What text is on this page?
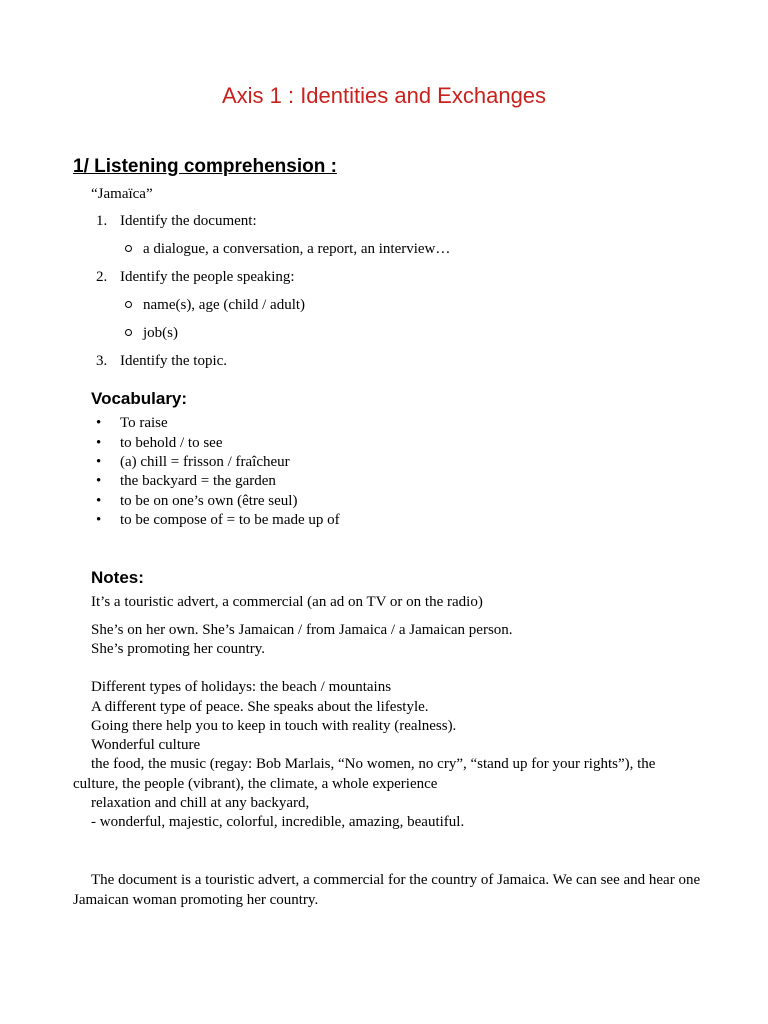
Axis 1 : Identities and Exchanges
1/ Listening comprehension :
“Jamaïca”
1. Identify the document:
a dialogue, a conversation, a report, an interview…
2. Identify the people speaking:
name(s), age (child / adult)
job(s)
3. Identify the topic.
Vocabulary:
• To raise
• to behold / to see
• (a) chill = frisson / fraîcheur
• the backyard = the garden
• to be on one’s own (être seul)
• to be compose of = to be made up of
Notes:
It’s a touristic advert, a commercial (an ad on TV or on the radio)
She’s on her own. She’s Jamaican / from Jamaica / a Jamaican person.
She’s promoting her country.
Different types of holidays: the beach / mountains
A different type of peace. She speaks about the lifestyle.
Going there help you to keep in touch with reality (realness).
Wonderful culture
the food, the music (regay: Bob Marlais, “No women, no cry”, “stand up for your rights”), the culture, the people (vibrant), the climate, a whole experience
relaxation and chill at any backyard,
- wonderful, majestic, colorful, incredible, amazing, beautiful.
The document is a touristic advert, a commercial for the country of Jamaica. We can see and hear one Jamaican woman promoting her country.
